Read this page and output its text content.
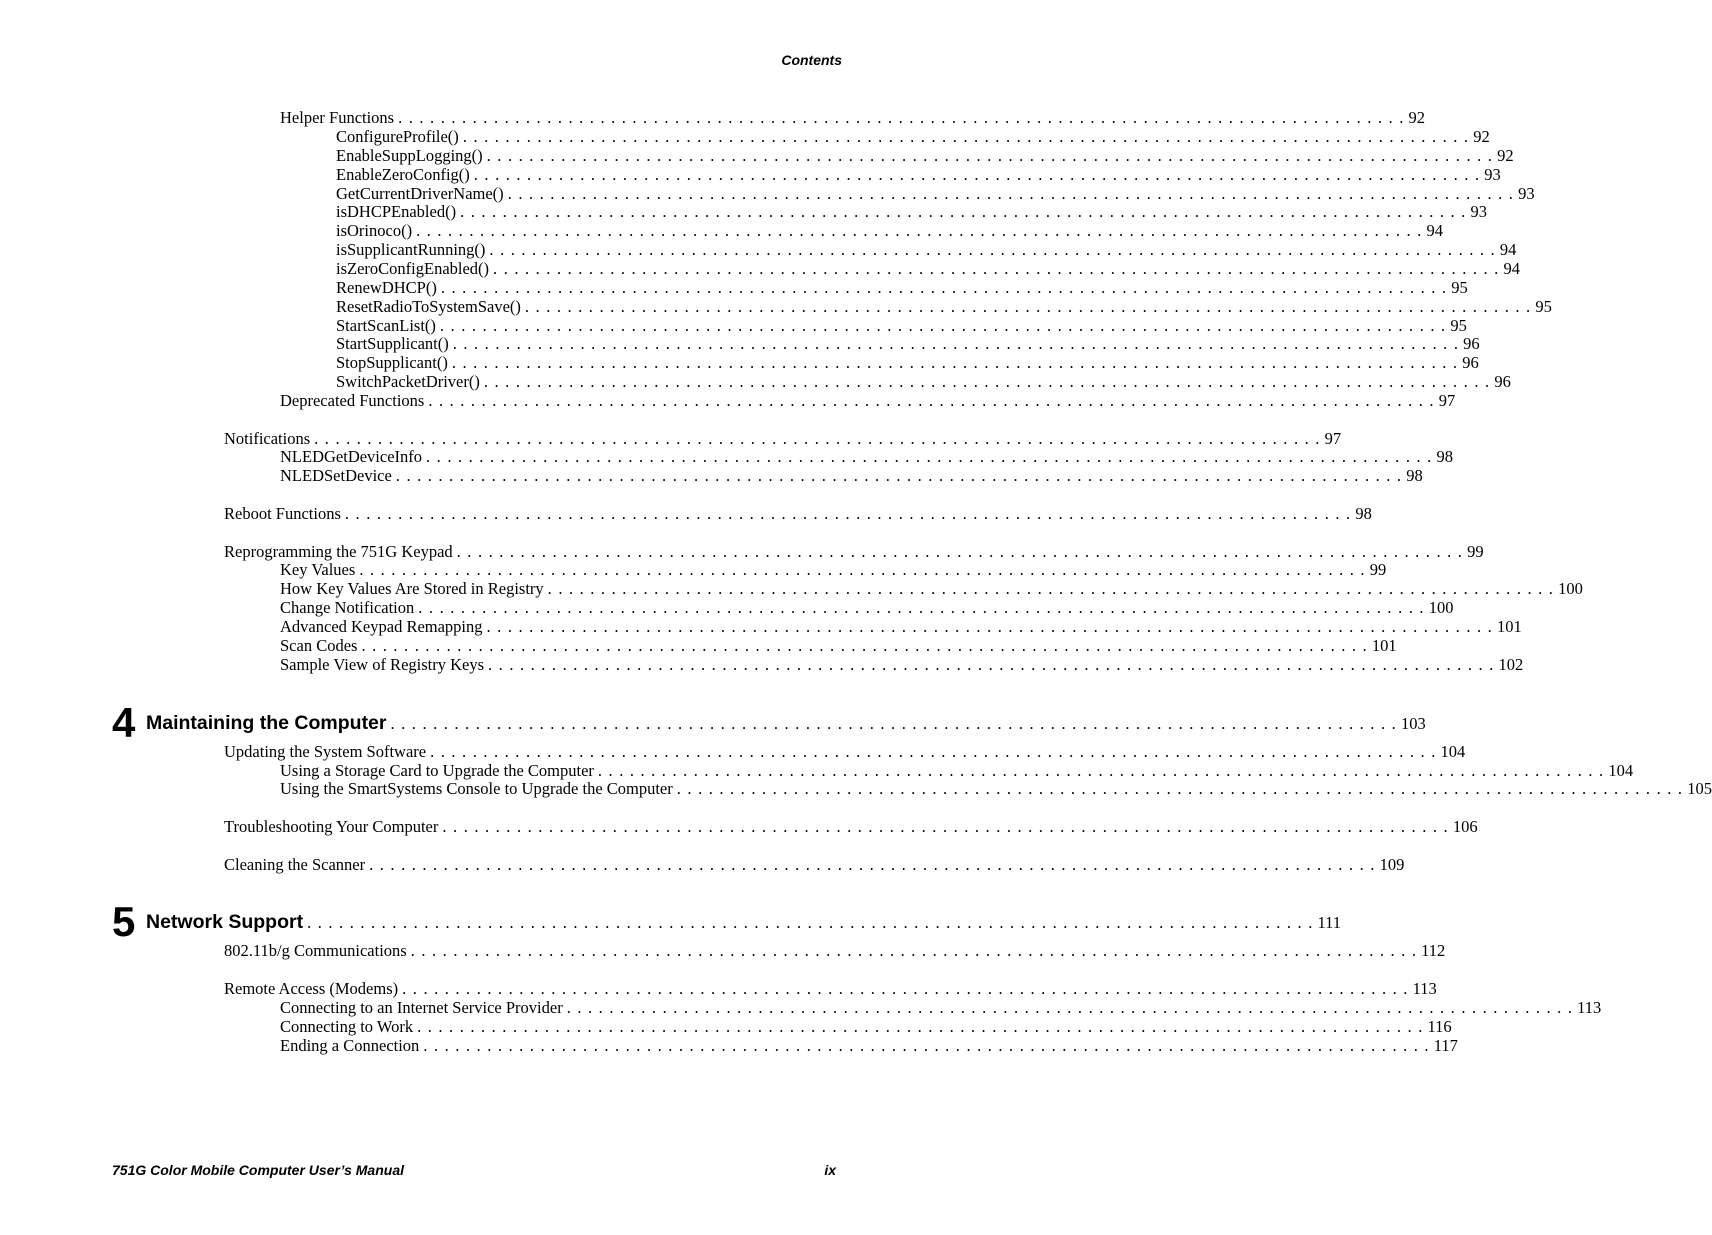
Contents
Helper Functions . . . . . . . . . . . . . . . . . . . . . . . . . . . . . . . . . . . . . . . . . . . . . . . . . . . . . . . . . . . . . . . . . . . . . . . . . . . . . . . . . . . . . . . . . . . . . . . 92
ConfigureProfile() . . . . . . . . . . . . . . . . . . . . . . . . . . . . . . . . . . . . . . . . . . . . . . . . . . . . . . . . . . . . . . . . . . . . . . . . . . . . . . . . . . . . . . . . . . . . . . . 92
EnableSuppLogging() . . . . . . . . . . . . . . . . . . . . . . . . . . . . . . . . . . . . . . . . . . . . . . . . . . . . . . . . . . . . . . . . . . . . . . . . . . . . . . . . . . . . . . . . . . . . . . . 92
EnableZeroConfig() . . . . . . . . . . . . . . . . . . . . . . . . . . . . . . . . . . . . . . . . . . . . . . . . . . . . . . . . . . . . . . . . . . . . . . . . . . . . . . . . . . . . . . . . . . . . . . . 93
GetCurrentDriverName() . . . . . . . . . . . . . . . . . . . . . . . . . . . . . . . . . . . . . . . . . . . . . . . . . . . . . . . . . . . . . . . . . . . . . . . . . . . . . . . . . . . . . . . . . . . . . . . 93
isDHCPEnabled() . . . . . . . . . . . . . . . . . . . . . . . . . . . . . . . . . . . . . . . . . . . . . . . . . . . . . . . . . . . . . . . . . . . . . . . . . . . . . . . . . . . . . . . . . . . . . . . 93
isOrinoco() . . . . . . . . . . . . . . . . . . . . . . . . . . . . . . . . . . . . . . . . . . . . . . . . . . . . . . . . . . . . . . . . . . . . . . . . . . . . . . . . . . . . . . . . . . . . . . . 94
isSupplicantRunning() . . . . . . . . . . . . . . . . . . . . . . . . . . . . . . . . . . . . . . . . . . . . . . . . . . . . . . . . . . . . . . . . . . . . . . . . . . . . . . . . . . . . . . . . . . . . . . . 94
isZeroConfigEnabled() . . . . . . . . . . . . . . . . . . . . . . . . . . . . . . . . . . . . . . . . . . . . . . . . . . . . . . . . . . . . . . . . . . . . . . . . . . . . . . . . . . . . . . . . . . . . . . . 94
RenewDHCP() . . . . . . . . . . . . . . . . . . . . . . . . . . . . . . . . . . . . . . . . . . . . . . . . . . . . . . . . . . . . . . . . . . . . . . . . . . . . . . . . . . . . . . . . . . . . . . . 95
ResetRadioToSystemSave() . . . . . . . . . . . . . . . . . . . . . . . . . . . . . . . . . . . . . . . . . . . . . . . . . . . . . . . . . . . . . . . . . . . . . . . . . . . . . . . . . . . . . . . . . . . . . . . 95
StartScanList() . . . . . . . . . . . . . . . . . . . . . . . . . . . . . . . . . . . . . . . . . . . . . . . . . . . . . . . . . . . . . . . . . . . . . . . . . . . . . . . . . . . . . . . . . . . . . . . 95
StartSupplicant() . . . . . . . . . . . . . . . . . . . . . . . . . . . . . . . . . . . . . . . . . . . . . . . . . . . . . . . . . . . . . . . . . . . . . . . . . . . . . . . . . . . . . . . . . . . . . . . 96
StopSupplicant() . . . . . . . . . . . . . . . . . . . . . . . . . . . . . . . . . . . . . . . . . . . . . . . . . . . . . . . . . . . . . . . . . . . . . . . . . . . . . . . . . . . . . . . . . . . . . . . 96
SwitchPacketDriver() . . . . . . . . . . . . . . . . . . . . . . . . . . . . . . . . . . . . . . . . . . . . . . . . . . . . . . . . . . . . . . . . . . . . . . . . . . . . . . . . . . . . . . . . . . . . . . . 96
Deprecated Functions . . . . . . . . . . . . . . . . . . . . . . . . . . . . . . . . . . . . . . . . . . . . . . . . . . . . . . . . . . . . . . . . . . . . . . . . . . . . . . . . . . . . . . . . . . . . . . . 97
Notifications . . . . . . . . . . . . . . . . . . . . . . . . . . . . . . . . . . . . . . . . . . . . . . . . . . . . . . . . . . . . . . . . . . . . . . . . . . . . . . . . . . . . . . . . . . . . . . . 97
NLEDGetDeviceInfo . . . . . . . . . . . . . . . . . . . . . . . . . . . . . . . . . . . . . . . . . . . . . . . . . . . . . . . . . . . . . . . . . . . . . . . . . . . . . . . . . . . . . . . . . . . . . . . 98
NLEDSetDevice . . . . . . . . . . . . . . . . . . . . . . . . . . . . . . . . . . . . . . . . . . . . . . . . . . . . . . . . . . . . . . . . . . . . . . . . . . . . . . . . . . . . . . . . . . . . . . . 98
Reboot Functions . . . . . . . . . . . . . . . . . . . . . . . . . . . . . . . . . . . . . . . . . . . . . . . . . . . . . . . . . . . . . . . . . . . . . . . . . . . . . . . . . . . . . . . . . . . . . . . 98
Reprogramming the 751G Keypad . . . . . . . . . . . . . . . . . . . . . . . . . . . . . . . . . . . . . . . . . . . . . . . . . . . . . . . . . . . . . . . . . . . . . . . . . . . . . . . . . . . . . . . . . . . . . . . 99
Key Values . . . . . . . . . . . . . . . . . . . . . . . . . . . . . . . . . . . . . . . . . . . . . . . . . . . . . . . . . . . . . . . . . . . . . . . . . . . . . . . . . . . . . . . . . . . . . . . 99
How Key Values Are Stored in Registry . . . . . . . . . . . . . . . . . . . . . . . . . . . . . . . . . . . . . . . . . . . . . . . . . . . . . . . . . . . . . . . . . . . . . . . . . . . . . . . . . . . . . . . . . . . . . . . 100
Change Notification . . . . . . . . . . . . . . . . . . . . . . . . . . . . . . . . . . . . . . . . . . . . . . . . . . . . . . . . . . . . . . . . . . . . . . . . . . . . . . . . . . . . . . . . . . . . . . . 100
Advanced Keypad Remapping . . . . . . . . . . . . . . . . . . . . . . . . . . . . . . . . . . . . . . . . . . . . . . . . . . . . . . . . . . . . . . . . . . . . . . . . . . . . . . . . . . . . . . . . . . . . . . . 101
Scan Codes . . . . . . . . . . . . . . . . . . . . . . . . . . . . . . . . . . . . . . . . . . . . . . . . . . . . . . . . . . . . . . . . . . . . . . . . . . . . . . . . . . . . . . . . . . . . . . . 101
Sample View of Registry Keys . . . . . . . . . . . . . . . . . . . . . . . . . . . . . . . . . . . . . . . . . . . . . . . . . . . . . . . . . . . . . . . . . . . . . . . . . . . . . . . . . . . . . . . . . . . . . . . 102
4 Maintaining the Computer . . . . . . . . . . . . . . . . . . . . . . . . . . . . . . . . . . . . . . . . . . . . . . . . . . . . . . . . . . . . . . . . . . . . . . . . . . . . . . . . . . . . . . . . . . . . . . . 103
Updating the System Software . . . . . . . . . . . . . . . . . . . . . . . . . . . . . . . . . . . . . . . . . . . . . . . . . . . . . . . . . . . . . . . . . . . . . . . . . . . . . . . . . . . . . . . . . . . . . . . 104
Using a Storage Card to Upgrade the Computer . . . . . . . . . . . . . . . . . . . . . . . . . . . . . . . . . . . . . . . . . . . . . . . . . . . . . . . . . . . . . . . . . . . . . . . . . . . . . . . . . . . . . . . . . . . . . . . 104
Using the SmartSystems Console to Upgrade the Computer . . . . . . . . . . . . . . . . . . . . . . . . . . . . . . . . . . . . . . . . . . . . . . . . . . . . . . . . . . . . . . . . . . . . . . . . . . . . . . . . . . . . . . . . . . . . . . . 105
Troubleshooting Your Computer . . . . . . . . . . . . . . . . . . . . . . . . . . . . . . . . . . . . . . . . . . . . . . . . . . . . . . . . . . . . . . . . . . . . . . . . . . . . . . . . . . . . . . . . . . . . . . . 106
Cleaning the Scanner . . . . . . . . . . . . . . . . . . . . . . . . . . . . . . . . . . . . . . . . . . . . . . . . . . . . . . . . . . . . . . . . . . . . . . . . . . . . . . . . . . . . . . . . . . . . . . . 109
5 Network Support . . . . . . . . . . . . . . . . . . . . . . . . . . . . . . . . . . . . . . . . . . . . . . . . . . . . . . . . . . . . . . . . . . . . . . . . . . . . . . . . . . . . . . . . . . . . . . . 111
802.11b/g Communications . . . . . . . . . . . . . . . . . . . . . . . . . . . . . . . . . . . . . . . . . . . . . . . . . . . . . . . . . . . . . . . . . . . . . . . . . . . . . . . . . . . . . . . . . . . . . . . 112
Remote Access (Modems) . . . . . . . . . . . . . . . . . . . . . . . . . . . . . . . . . . . . . . . . . . . . . . . . . . . . . . . . . . . . . . . . . . . . . . . . . . . . . . . . . . . . . . . . . . . . . . . 113
Connecting to an Internet Service Provider . . . . . . . . . . . . . . . . . . . . . . . . . . . . . . . . . . . . . . . . . . . . . . . . . . . . . . . . . . . . . . . . . . . . . . . . . . . . . . . . . . . . . . . . . . . . . . . 113
Connecting to Work . . . . . . . . . . . . . . . . . . . . . . . . . . . . . . . . . . . . . . . . . . . . . . . . . . . . . . . . . . . . . . . . . . . . . . . . . . . . . . . . . . . . . . . . . . . . . . . 116
Ending a Connection . . . . . . . . . . . . . . . . . . . . . . . . . . . . . . . . . . . . . . . . . . . . . . . . . . . . . . . . . . . . . . . . . . . . . . . . . . . . . . . . . . . . . . . . . . . . . . . 117
751G Color Mobile Computer User’s Manual	ix
